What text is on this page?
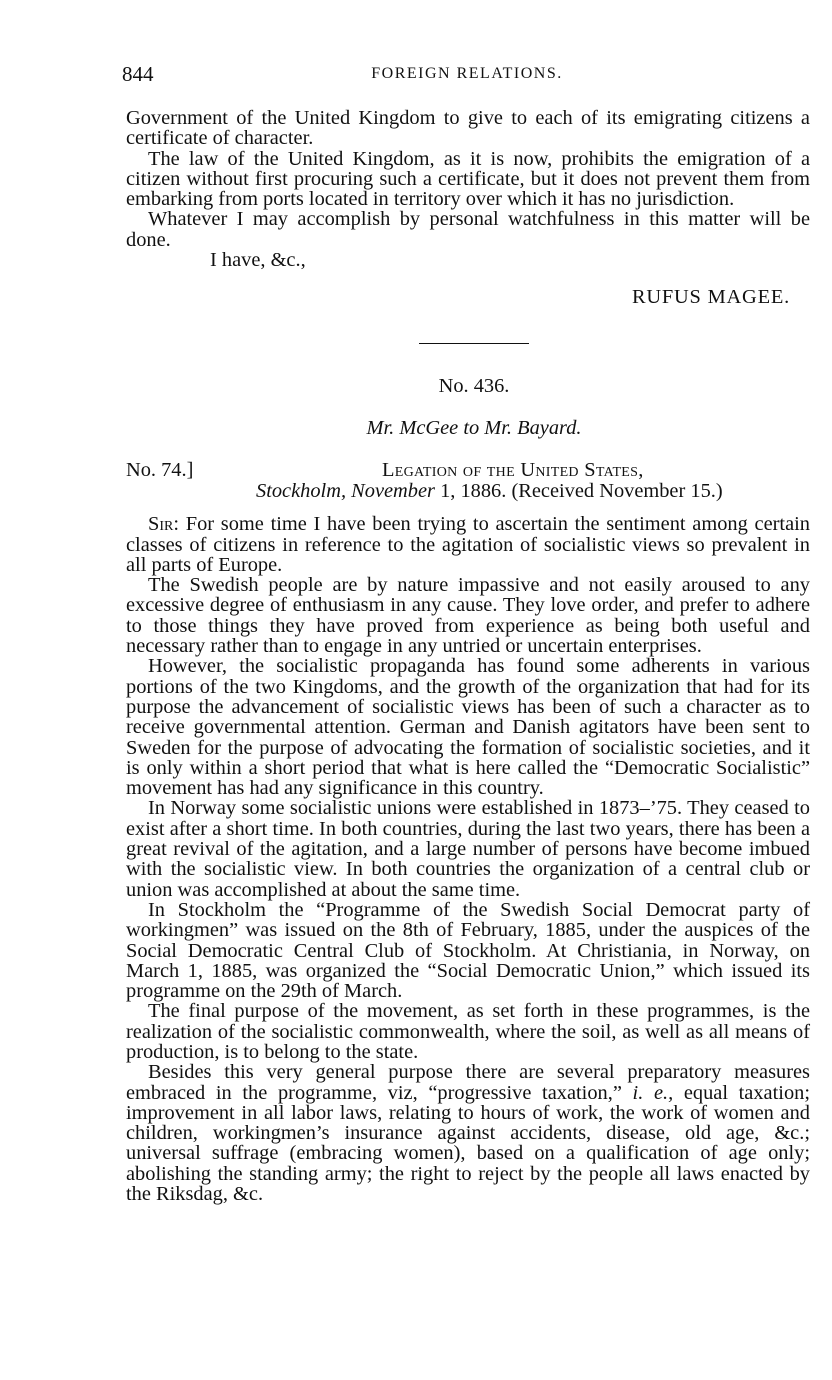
844	FOREIGN RELATIONS.

Government of the United Kingdom to give to each of its emigrating citizens a certificate of character.

The law of the United Kingdom, as it is now, prohibits the emigration of a citizen without first procuring such a certificate, but it does not prevent them from embarking from ports located in territory over which it has no jurisdiction.

Whatever I may accomplish by personal watchfulness in this matter will be done.

I have, &c.,

RUFUS MAGEE.
No. 436.
Mr. McGee to Mr. Bayard.
No. 74.]	Legation of the United States,
Stockholm, November 1, 1886. (Received November 15.)

Sir: For some time I have been trying to ascertain the sentiment among certain classes of citizens in reference to the agitation of socialistic views so prevalent in all parts of Europe.

The Swedish people are by nature impassive and not easily aroused to any excessive degree of enthusiasm in any cause. They love order, and prefer to adhere to those things they have proved from experience as being both useful and necessary rather than to engage in any untried or uncertain enterprises.

However, the socialistic propaganda has found some adherents in various portions of the two Kingdoms, and the growth of the organization that had for its purpose the advancement of socialistic views has been of such a character as to receive governmental attention. German and Danish agitators have been sent to Sweden for the purpose of advocating the formation of socialistic societies, and it is only within a short period that what is here called the “Democratic Socialistic” movement has had any significance in this country.

In Norway some socialistic unions were established in 1873–’75. They ceased to exist after a short time. In both countries, during the last two years, there has been a great revival of the agitation, and a large number of persons have become imbued with the socialistic view. In both countries the organization of a central club or union was accomplished at about the same time.

In Stockholm the “Programme of the Swedish Social Democrat party of workingmen” was issued on the 8th of February, 1885, under the auspices of the Social Democratic Central Club of Stockholm. At Christiania, in Norway, on March 1, 1885, was organized the “Social Democratic Union,” which issued its programme on the 29th of March.

The final purpose of the movement, as set forth in these programmes, is the realization of the socialistic commonwealth, where the soil, as well as all means of production, is to belong to the state.

Besides this very general purpose there are several preparatory measures embraced in the programme, viz, “progressive taxation,” i. e., equal taxation; improvement in all labor laws, relating to hours of work, the work of women and children, workingmen’s insurance against accidents, disease, old age, &c.; universal suffrage (embracing women), based on a qualification of age only; abolishing the standing army; the right to reject by the people all laws enacted by the Riksdag, &c.
